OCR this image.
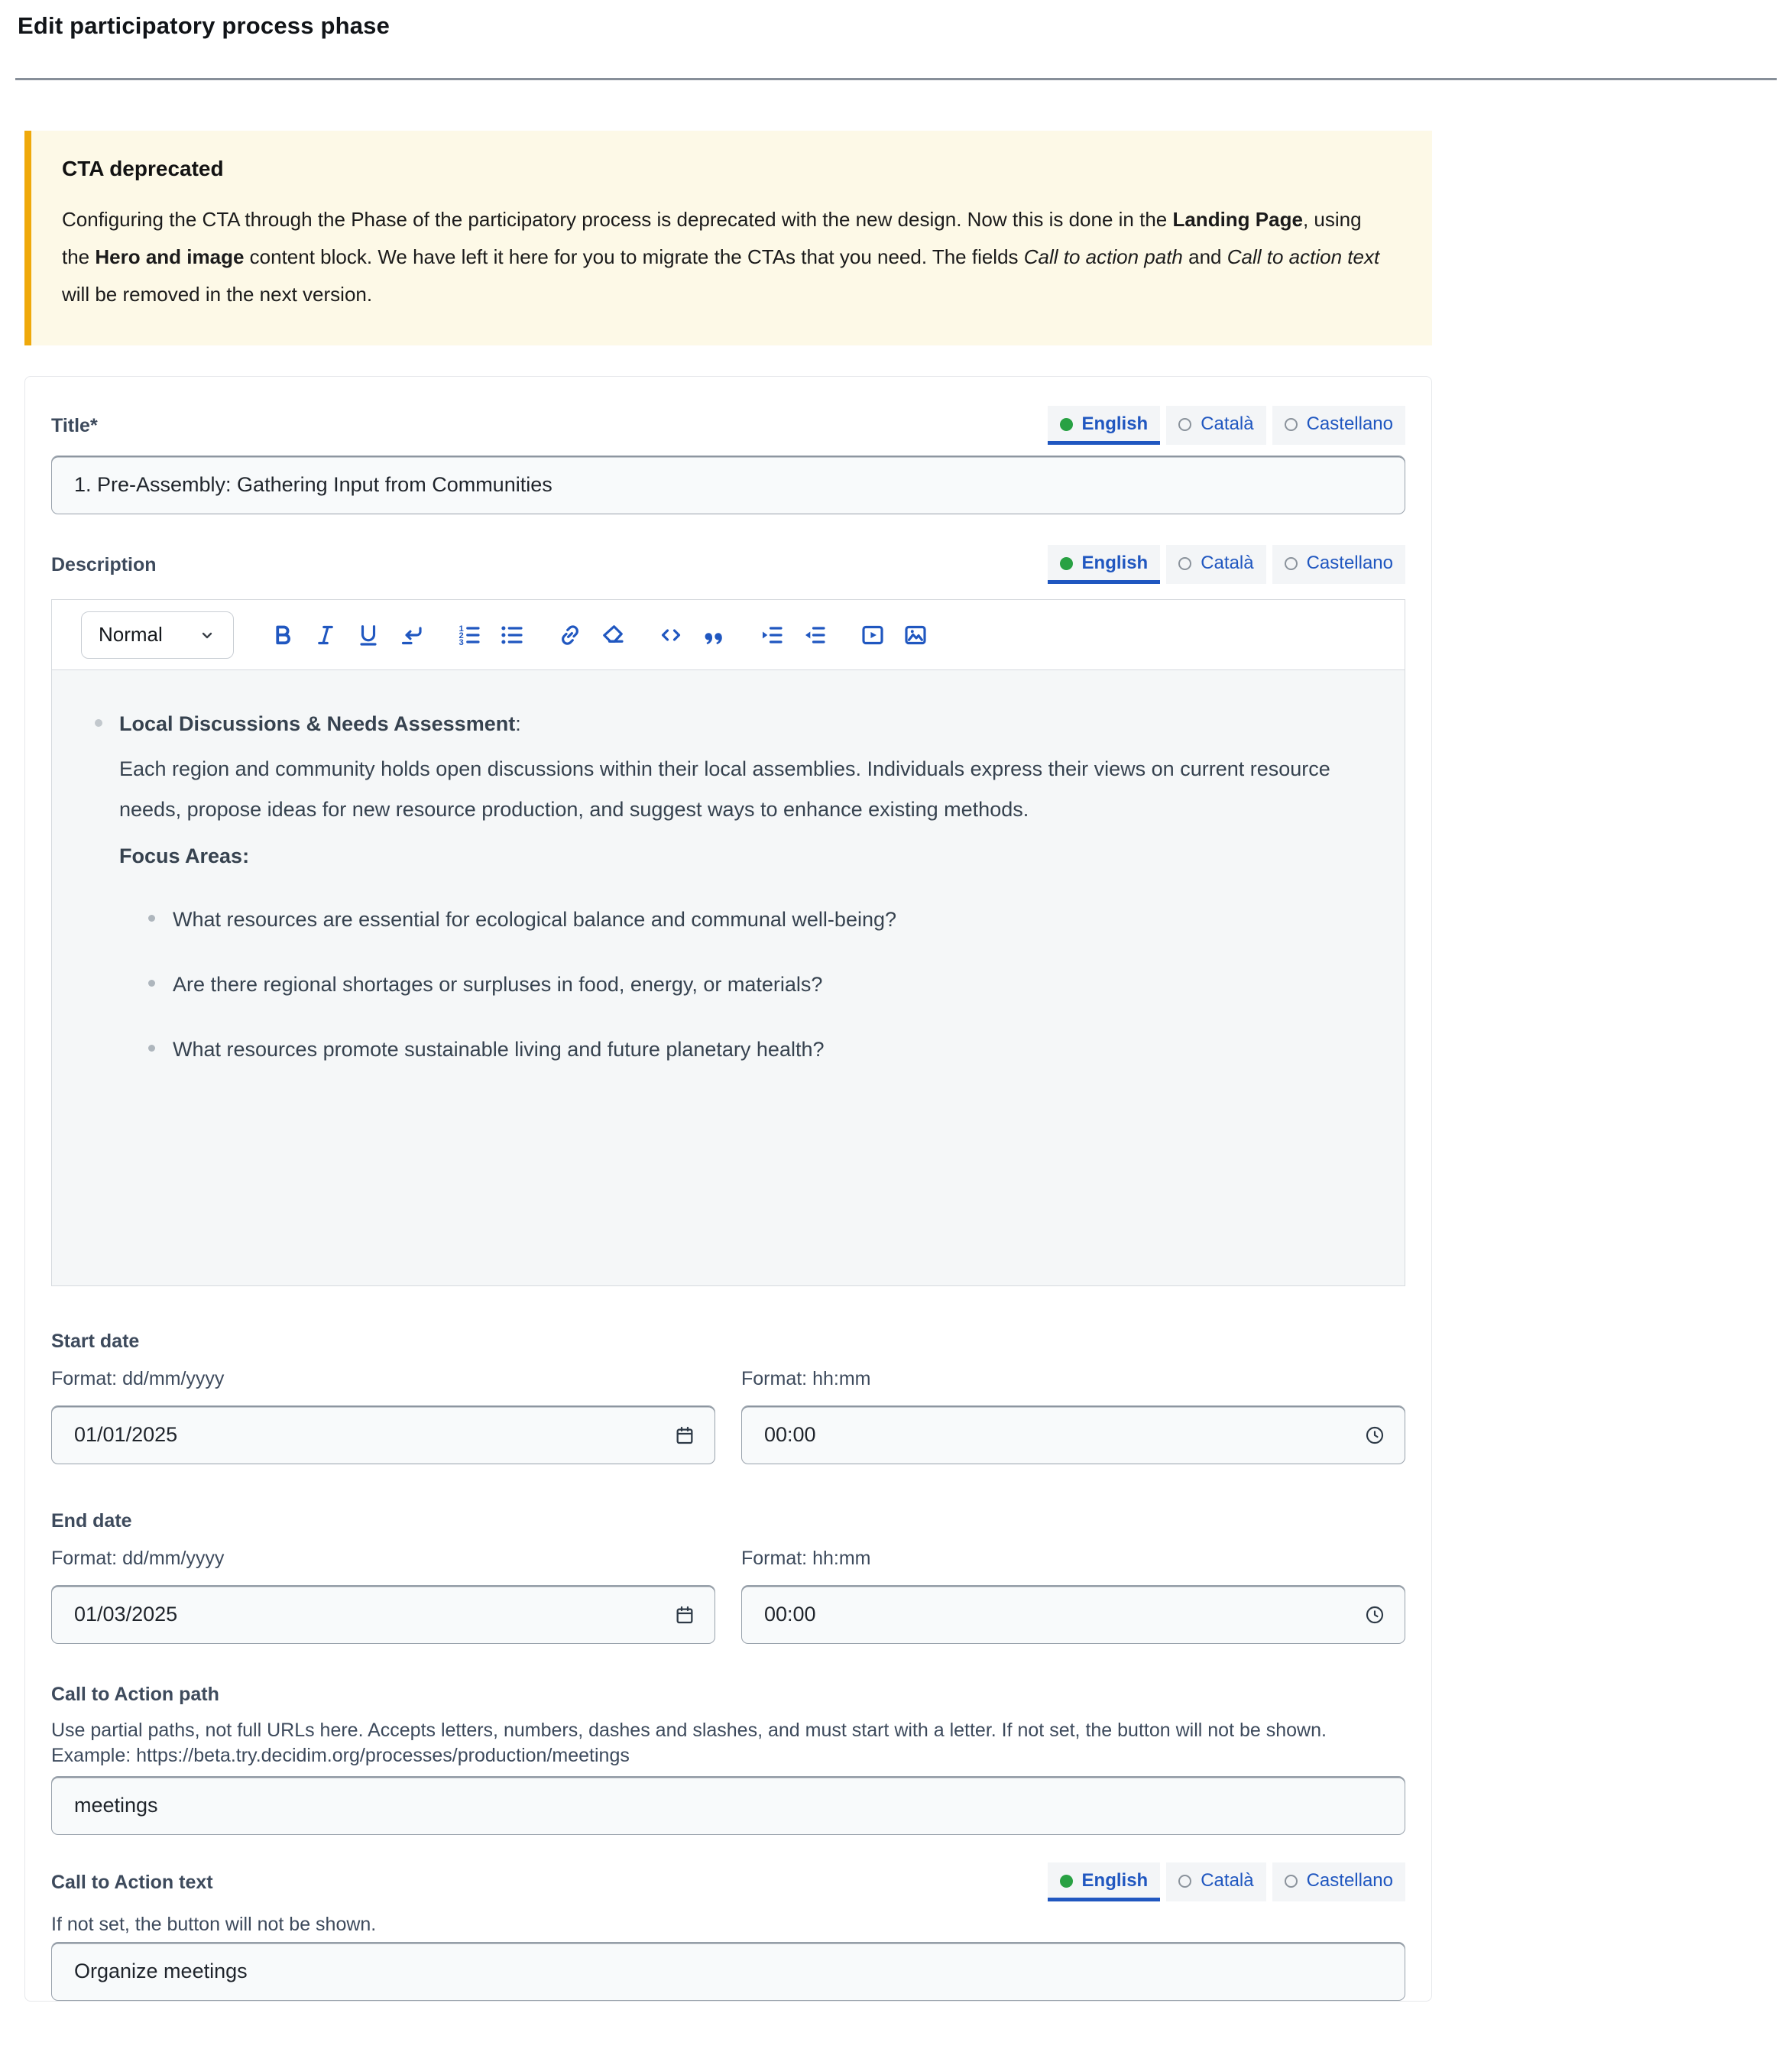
Edit participatory process phase
CTA deprecated

Configuring the CTA through the Phase of the participatory process is deprecated with the new design. Now this is done in the Landing Page, using the Hero and image content block. We have left it here for you to migrate the CTAs that you need. The fields Call to action path and Call to action text will be removed in the next version.

Title*	English	Català	Castellano
1. Pre-Assembly: Gathering Input from Communities
Description	English	Català	Castellano
Normal	1
2
3
Local Discussions & Needs Assessment:
Each region and community holds open discussions within their local assemblies. Individuals express their views on current resource needs, propose ideas for new resource production, and suggest ways to enhance existing methods.
Focus Areas:
What resources are essential for ecological balance and communal well-being?
Are there regional shortages or surpluses in food, energy, or materials?
What resources promote sustainable living and future planetary health?
Start date
Format: dd/mm/yyyy	Format: hh:mm
01/01/2025
00:00
End date
Format: dd/mm/yyyy	Format: hh:mm
01/03/2025
00:00
Call to Action path
Use partial paths, not full URLs here. Accepts letters, numbers, dashes and slashes, and must start with a letter. If not set, the button will not be shown.
Example: https://beta.try.decidim.org/processes/production/meetings
meetings
Call to Action text	English	Català	Castellano
If not set, the button will not be shown.
Organize meetings
